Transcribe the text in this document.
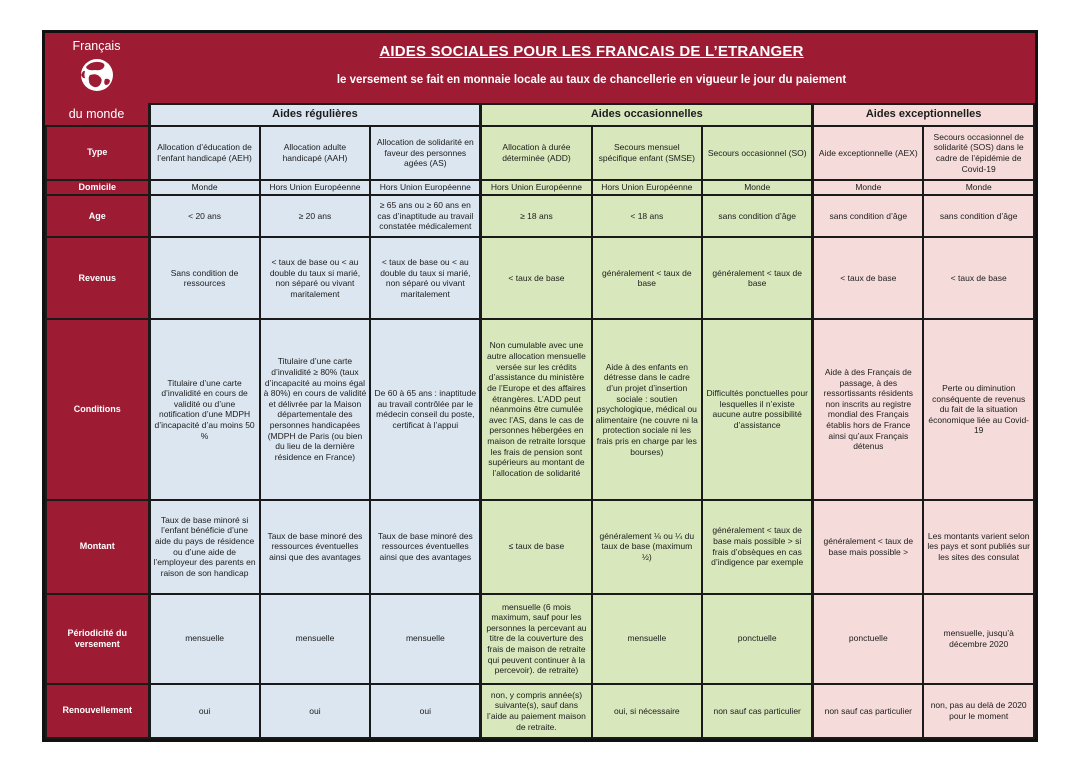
AIDES SOCIALES POUR LES FRANCAIS DE L’ETRANGER
le versement se fait en monnaie locale au taux de chancellerie en vigueur le jour du paiement
Français
du monde
		Aides régulières			Aides occasionnelles			Aides exceptionnelles	
Type	Allocation d’éducation de l’enfant handicapé (AEH)	Allocation adulte handicapé (AAH)	Allocation de solidarité en faveur des personnes agées (AS)	Allocation à durée déterminée (ADD)	Secours mensuel spécifique enfant (SMSE)	Secours occasionnel (SO)	Aide exceptionnelle (AEX)	Secours occasionnel de solidarité (SOS) dans le cadre de l’épidémie de Covid-19
Domicile	Monde	Hors Union Européenne	Hors Union Européenne	Hors Union Européenne	Hors Union Européenne	Monde	Monde	Monde
Age	< 20 ans	≥ 20 ans	≥ 65 ans ou ≥ 60 ans en cas d’inaptitude au travail constatée médicalement	≥ 18 ans	< 18 ans	sans condition d’âge	sans condition d’âge	sans condition d’âge
Revenus	Sans condition de ressources	< taux de base ou < au double du taux si marié, non séparé ou vivant maritalement	< taux de base ou < au double du taux si marié, non séparé ou vivant maritalement	< taux de base	généralement < taux de base	généralement < taux de base	< taux de base	< taux de base
Conditions	Titulaire d’une carte d’invalidité en cours de validité ou d’une notification d’une MDPH d’incapacité d’au moins 50 %	Titulaire d’une carte d’invalidité ≥ 80% (taux d’incapacité au moins égal à 80%) en cours de validité et délivrée par la Maison départementale des personnes handicapées (MDPH de Paris (ou bien du lieu de la dernière résidence en France)	De 60 à 65 ans : inaptitude au travail contrôlée par le médecin conseil du poste, certificat à l’appui	Non cumulable avec une autre allocation mensuelle versée sur les crédits d’assistance du ministère de l’Europe et des affaires étrangères. L’ADD peut néanmoins être cumulée avec l’AS, dans le cas de personnes hébergées en maison de retraite lorsque les frais de pension sont supérieurs au montant de l’allocation de solidarité	Aide à des enfants en détresse dans le cadre d’un projet d’insertion sociale : soutien psychologique, médical ou alimentaire (ne couvre ni la protection sociale ni les frais pris en charge par les bourses)	Difficultés ponctuelles pour lesquelles il n’existe aucune autre possibilité d’assistance	Aide à des Français de passage, à des ressortissants résidents non inscrits au registre mondial des Français établis hors de France ainsi qu’aux Français détenus	Perte ou diminution conséquente de revenus du fait de la situation économique liée au Covid-19
Montant	Taux de base minoré si l’enfant bénéficie d’une aide du pays de résidence ou d’une aide de l’employeur des parents en raison de son handicap	Taux de base minoré des ressources éventuelles ainsi que des avantages	Taux de base minoré des ressources éventuelles ainsi que des avantages	≤ taux de base	généralement ⅛ ou ¼ du taux de base (maximum ½)	généralement < taux de base mais possible > si frais d’obsèques en cas d’indigence par exemple	généralement < taux de base mais possible >	Les montants varient selon les pays et sont publiés sur les sites des consulat
Périodicité du versement	mensuelle	mensuelle	mensuelle	mensuelle (6 mois maximum, sauf pour les personnes la percevant au titre de la couverture des frais de maison de retraite qui peuvent continuer à la percevoir). de retraite)	mensuelle	ponctuelle	ponctuelle	mensuelle, jusqu’à décembre 2020
Renouvellement	oui	oui	oui	non, y compris année(s) suivante(s), sauf dans l’aide au paiement maison de retraite.	oui, si nécessaire	non sauf cas particulier	non sauf cas particulier	non, pas au delà de 2020 pour le moment
